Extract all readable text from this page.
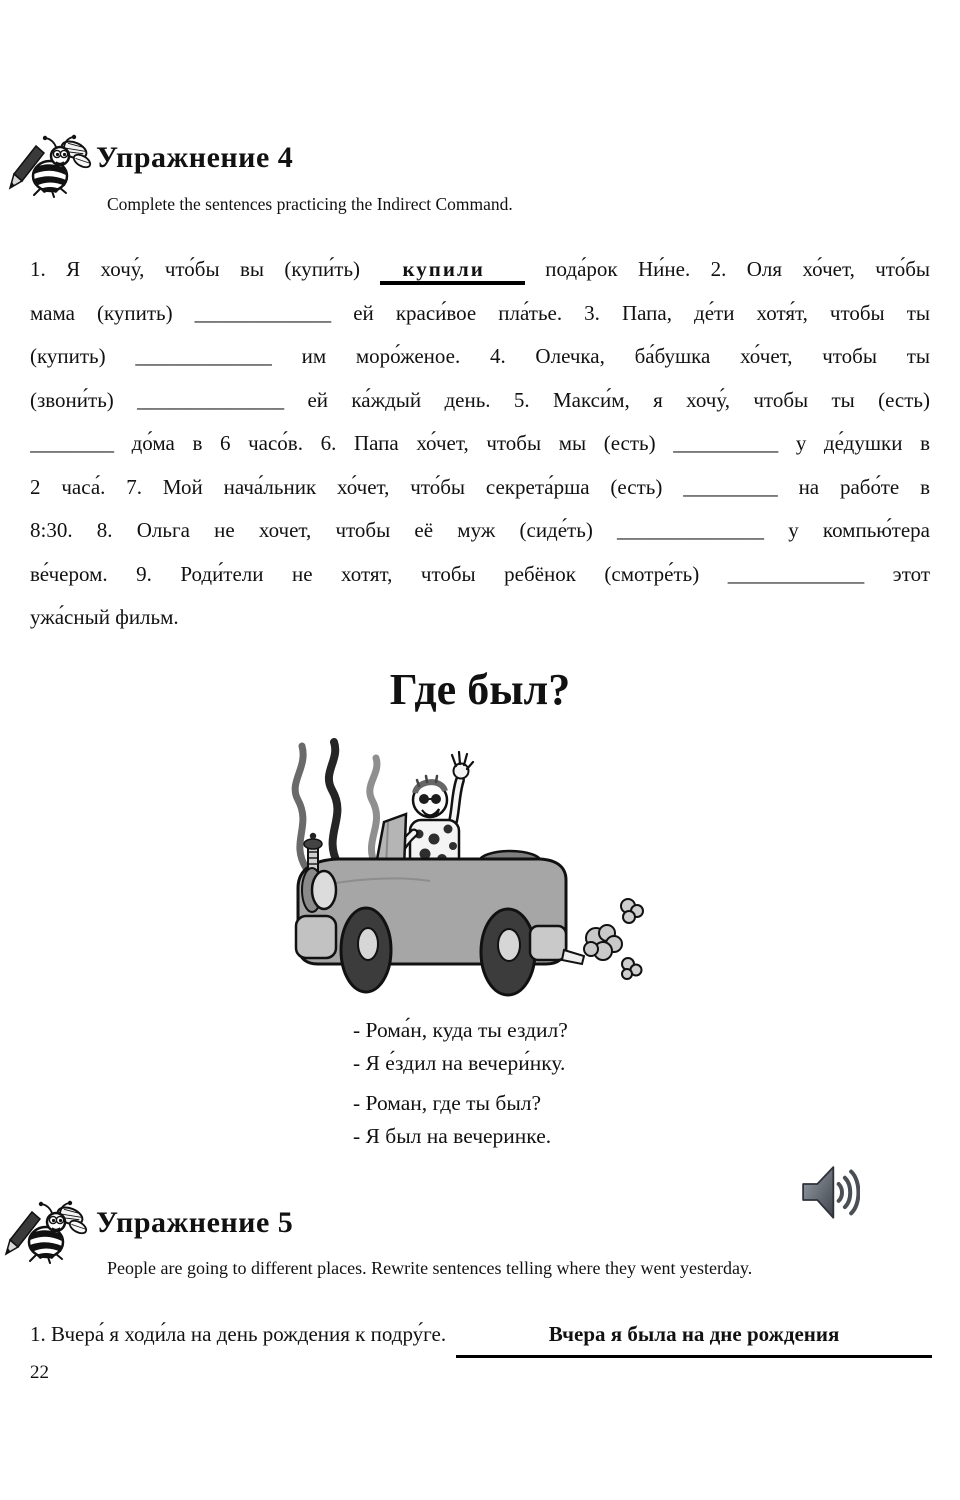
Упражнение 4
Complete the sentences practicing the Indirect Command.
1. Я хочу́, что́бы вы (купи́ть) купили	пода́рок Ни́не. 2. Оля хо́чет, что́бы
мама (купить) _____________ ей краси́вое пла́тье. 3. Папа, де́ти хотя́т, чтобы ты
(купить) _____________ им моро́женое. 4. Олечка, ба́бушка хо́чет, чтобы ты
(звони́ть) ______________ ей ка́ждый день. 5. Макси́м, я хочу́, чтобы ты (есть)
________ до́ма в 6 часо́в. 6. Папа хо́чет, чтобы мы (есть) __________ у де́душки в
2 часа́. 7. Мой нача́льник хо́чет, что́бы секрета́рша (есть) _________ на рабо́те в
8:30. 8. Ольга не хочет, чтобы её муж (сиде́ть) ______________ у компью́тера
ве́чером. 9. Роди́тели не хотят, чтобы ребёнок (смотре́ть) _____________ этот
ужа́сный фильм.
Где был?
- Рома́н, куда ты ездил?
- Я е́здил на вечери́нку.
- Роман, где ты был?
- Я был на вечеринке.
Упражнение 5
People are going to different places. Rewrite sentences telling where they went yesterday.
1. Вчера́ я ходи́ла на день рождения к подру́ге.	Вчера я была на дне рождения
22
